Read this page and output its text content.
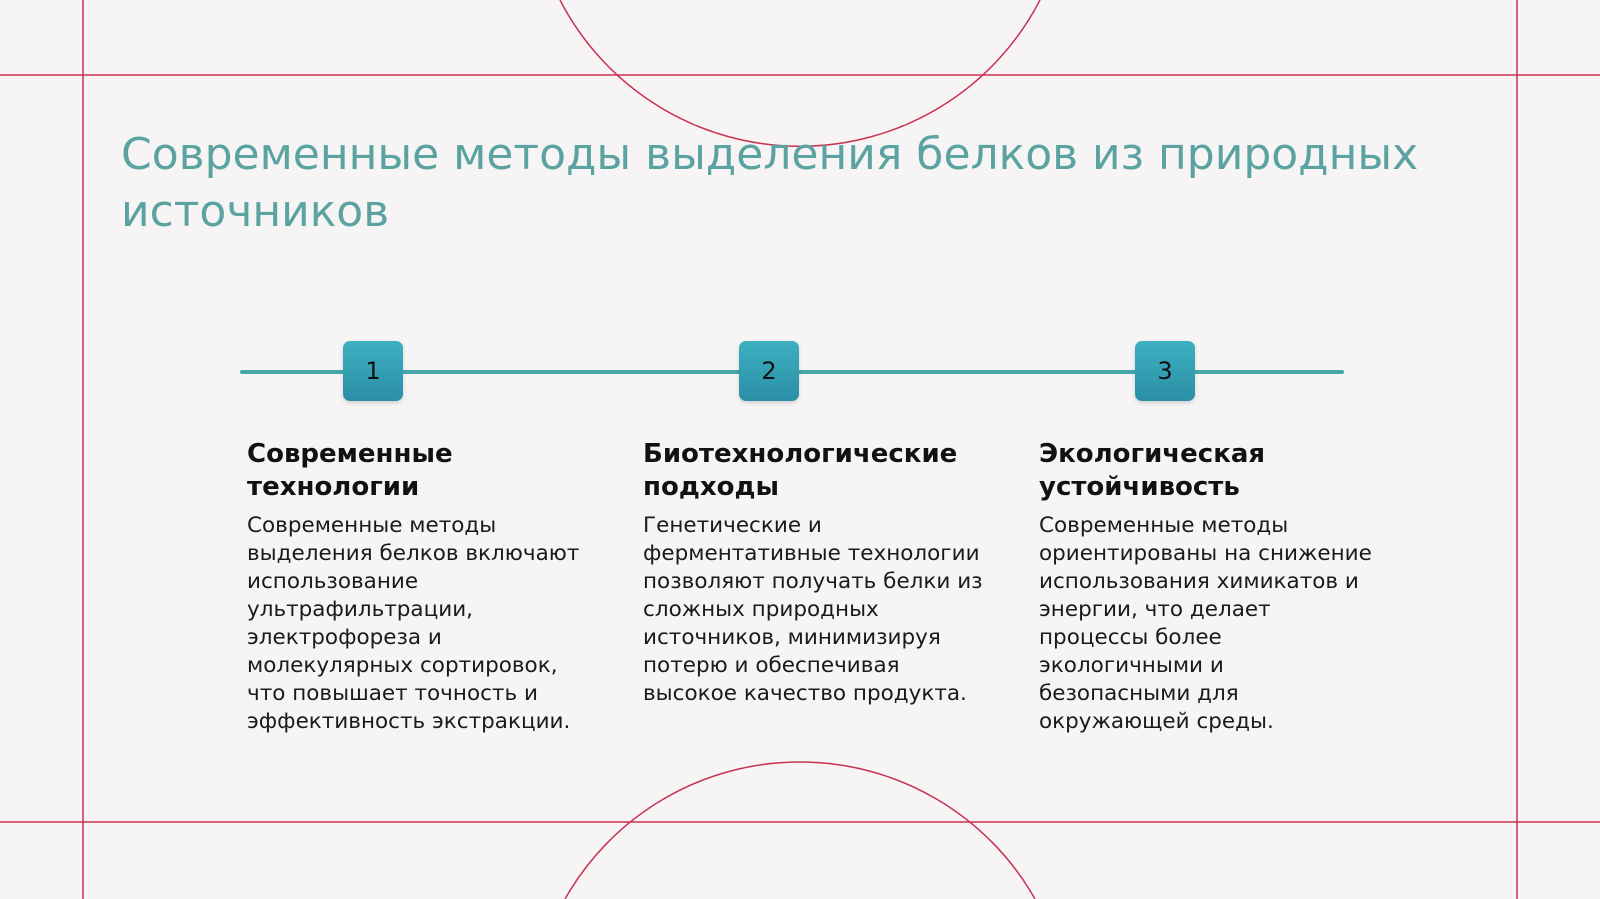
Современные методы выделения белков из природных источников
1	2	3
Современные технологии

Современные методы выделения белков включают использование ультрафильтрации, электрофореза и молекулярных сортировок, что повышает точность и эффективность экстракции.

Биотехнологические подходы

Генетические и ферментативные технологии позволяют получать белки из сложных природных источников, минимизируя потерю и обеспечивая высокое качество продукта.

Экологическая устойчивость

Современные методы ориентированы на снижение использования химикатов и энергии, что делает процессы более экологичными и безопасными для окружающей среды.
